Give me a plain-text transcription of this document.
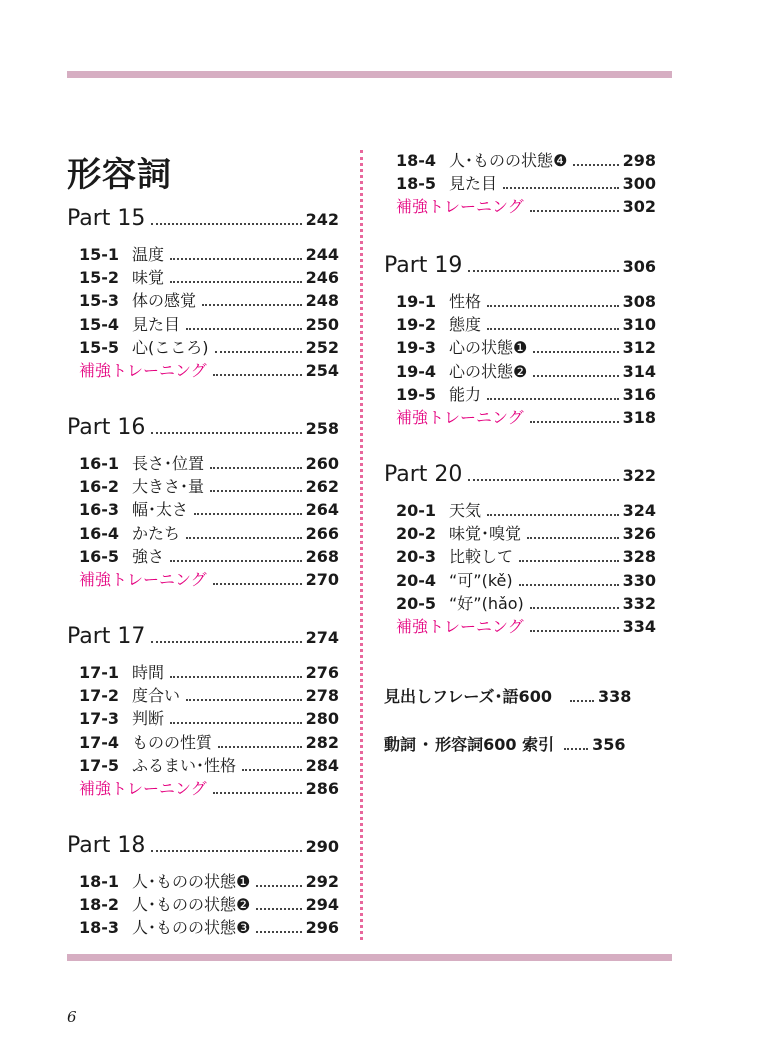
形容詞
Part 15	242
15-1 温度	244
15-2 味覚	246
15-3 体の感覚	248
15-4 見た目	250
15-5 心(こころ)	252
補強トレーニング	254
Part 16	258
16-1 長さ･位置	260
16-2 大きさ･量	262
16-3 幅･太さ	264
16-4 かたち	266
16-5 強さ	268
補強トレーニング	270
Part 17	274
17-1 時間	276
17-2 度合い	278
17-3 判断	280
17-4 ものの性質	282
17-5 ふるまい･性格	284
補強トレーニング	286
Part 18	290
18-1 人･ものの状態❶	292
18-2 人･ものの状態❷	294
18-3 人･ものの状態❸	296
18-4 人･ものの状態❹	298
18-5 見た目	300
補強トレーニング	302
Part 19	306
19-1 性格	308
19-2 態度	310
19-3 心の状態❶	312
19-4 心の状態❷	314
19-5 能力	316
補強トレーニング	318
Part 20	322
20-1 天気	324
20-2 味覚･嗅覚	326
20-3 比較して	328
20-4 “可”(kě)	330
20-5 “好”(hǎo)	332
補強トレーニング	334
見出しフレーズ･語600	338
動詞 ･ 形容詞600 索引 356
6
